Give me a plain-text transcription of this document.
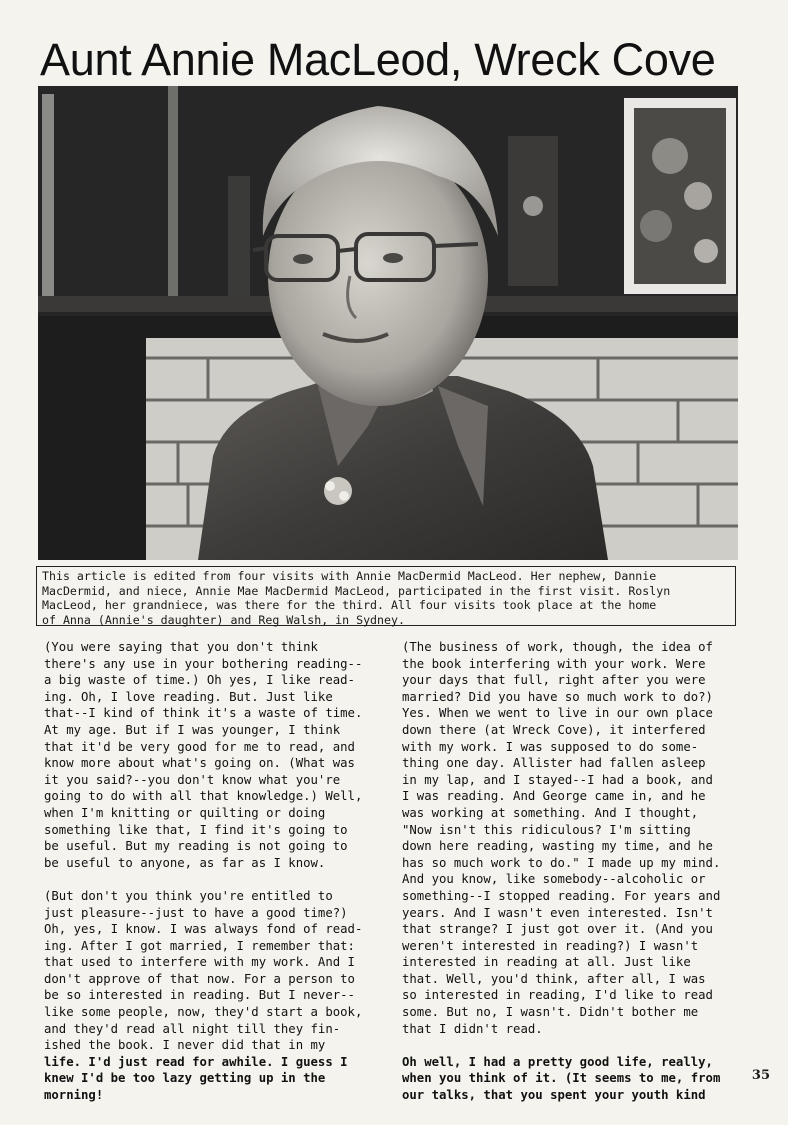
Aunt Annie MacLeod, Wreck Cove
This article is edited from four visits with Annie MacDermid MacLeod. Her nephew, Dannie
MacDermid, and niece, Annie Mae MacDermid MacLeod, participated in the first visit. Roslyn
MacLeod, her grandniece, was there for the third. All four visits took place at the home
of Anna (Annie's daughter) and Reg Walsh, in Sydney.

(You were saying that you don't think
there's any use in your bothering reading--
a big waste of time.) Oh yes, I like read-
ing. Oh, I love reading. But. Just like
that--I kind of think it's a waste of time.
At my age. But if I was younger, I think
that it'd be very good for me to read, and
know more about what's going on. (What was
it you said?--you don't know what you're
going to do with all that knowledge.) Well,
when I'm knitting or quilting or doing
something like that, I find it's going to
be useful. But my reading is not going to
be useful to anyone, as far as I know.

(But don't you think you're entitled to
just pleasure--just to have a good time?)
Oh, yes, I know. I was always fond of read-
ing. After I got married, I remember that:
that used to interfere with my work. And I
don't approve of that now. For a person to
be so interested in reading. But I never--
like some people, now, they'd start a book,
and they'd read all night till they fin-
ished the book. I never did that in my
life. I'd just read for awhile. I guess I
knew I'd be too lazy getting up in the
morning!

(The business of work, though, the idea of
the book interfering with your work. Were
your days that full, right after you were
married? Did you have so much work to do?)
Yes. When we went to live in our own place
down there (at Wreck Cove), it interfered
with my work. I was supposed to do some-
thing one day. Allister had fallen asleep
in my lap, and I stayed--I had a book, and
I was reading. And George came in, and he
was working at something. And I thought,
"Now isn't this ridiculous? I'm sitting
down here reading, wasting my time, and he
has so much work to do." I made up my mind.
And you know, like somebody--alcoholic or
something--I stopped reading. For years and
years. And I wasn't even interested. Isn't
that strange? I just got over it. (And you
weren't interested in reading?) I wasn't
interested in reading at all. Just like
that. Well, you'd think, after all, I was
so interested in reading, I'd like to read
some. But no, I wasn't. Didn't bother me
that I didn't read.

Oh well, I had a pretty good life, really,
when you think of it. (It seems to me, from
our talks, that you spent your youth kind

35
